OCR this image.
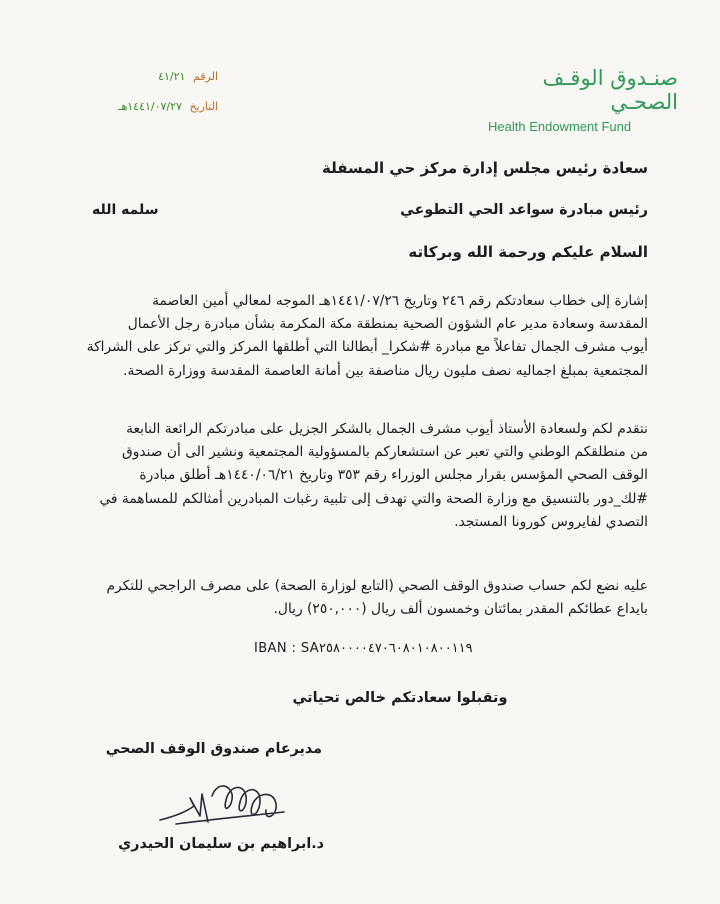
صنـدوق الوقـف الصحـي
Health Endowment Fund
الرقم ٤١/٢١
التاريخ ١٤٤١/٠٧/٢٧هـ
سعادة رئيس مجلس إدارة مركز حي المسفلة
رئيس مبادرة سواعد الحي التطوعي
سلمه الله
السلام عليكم ورحمة الله وبركاته

إشارة إلى خطاب سعادتكم رقم ٢٤٦ وتاريخ ١٤٤١/٠٧/٢٦هـ الموجه لمعالي أمين العاصمة

المقدسة وسعادة مدير عام الشؤون الصحية بمنطقة مكة المكرمة بشأن مبادرة رجل الأعمال

أيوب مشرف الجمال تفاعلاً مع مبادرة #شكرا_ أبطالنا التي أطلقها المركز والتي تركز على الشراكة

المجتمعية بمبلغ اجماليه نصف مليون ريال مناصفة بين أمانة العاصمة المقدسة ووزارة الصحة.

نتقدم لكم ولسعادة الأستاذ أيوب مشرف الجمال بالشكر الجزيل على مبادرتكم الرائعة النابعة

من منطلقكم الوطني والتي تعبر عن استشعاركم بالمسؤولية المجتمعية ونشير الى أن صندوق

الوقف الصحي المؤسس بقرار مجلس الوزراء رقم ٣٥٣ وتاريخ ١٤٤٠/٠٦/٢١هـ أطلق مبادرة

#لك_دور بالتنسيق مع وزارة الصحة والتي تهدف إلى تلبية رغبات المبادرين أمثالكم للمساهمة في

التصدي لفايروس كورونا المستجد.

عليه نضع لكم حساب صندوق الوقف الصحي (التابع لوزارة الصحة) على مصرف الراجحي للتكرم

بايداع عطائكم المقدر بمائتان وخمسون ألف ريال (٢٥٠,٠٠٠) ريال.

IBAN : SA٢٥٨٠٠٠٠٤٧٠٦٠٨٠١٠٨٠٠١١٩
وتقبلوا سعادتكم خالص تحياتي
مديرعام صندوق الوقف الصحي
د.ابراهيم بن سليمان الحيدري
